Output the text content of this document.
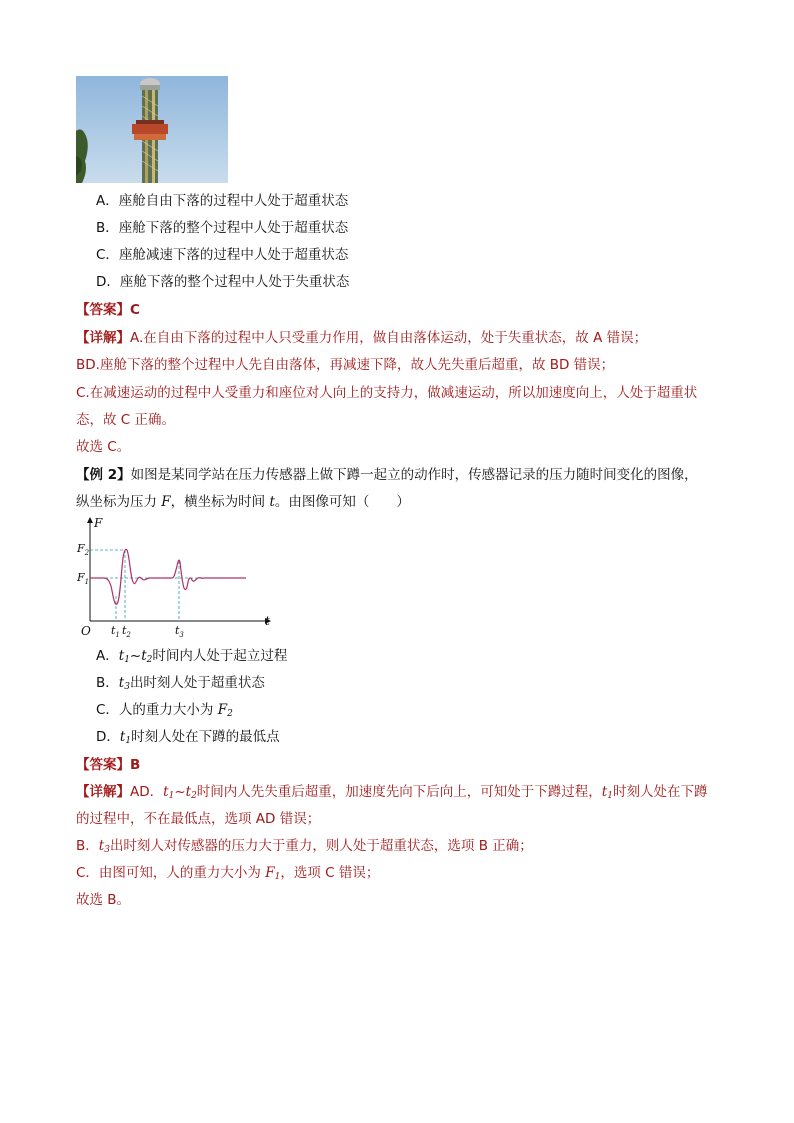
A．座舱自由下落的过程中人处于超重状态
B．座舱下落的整个过程中人处于超重状态
C．座舱减速下落的过程中人处于超重状态
D．座舱下落的整个过程中人处于失重状态
【答案】C
【详解】A.在自由下落的过程中人只受重力作用，做自由落体运动，处于失重状态，故 A 错误；
BD.座舱下落的整个过程中人先自由落体，再减速下降，故人先失重后超重，故 BD 错误；
C.在减速运动的过程中人受重力和座位对人向上的支持力，做减速运动，所以加速度向上，人处于超重状
态，故 C 正确。
故选 C。
【例 2】如图是某同学站在压力传感器上做下蹲一起立的动作时，传感器记录的压力随时间变化的图像，
纵坐标为压力 F，横坐标为时间 t。由图像可知（　　）
F
t
O
$F_2$
$F_1$
$t_1$ $t_2$	$t_3$
A．$t_1\sim t_2$时间内人处于起立过程
B．$t_3$出时刻人处于超重状态
C．人的重力大小为 $F_2$
D．$t_1$时刻人处在下蹲的最低点
【答案】B
【详解】AD．$t_1\sim t_2$时间内人先失重后超重，加速度先向下后向上，可知处于下蹲过程，$t_1$时刻人处在下蹲
的过程中，不在最低点，选项 AD 错误；
B．$t_3$出时刻人对传感器的压力大于重力，则人处于超重状态，选项 B 正确；
C．由图可知，人的重力大小为 $F_1$，选项 C 错误；
故选 B。
